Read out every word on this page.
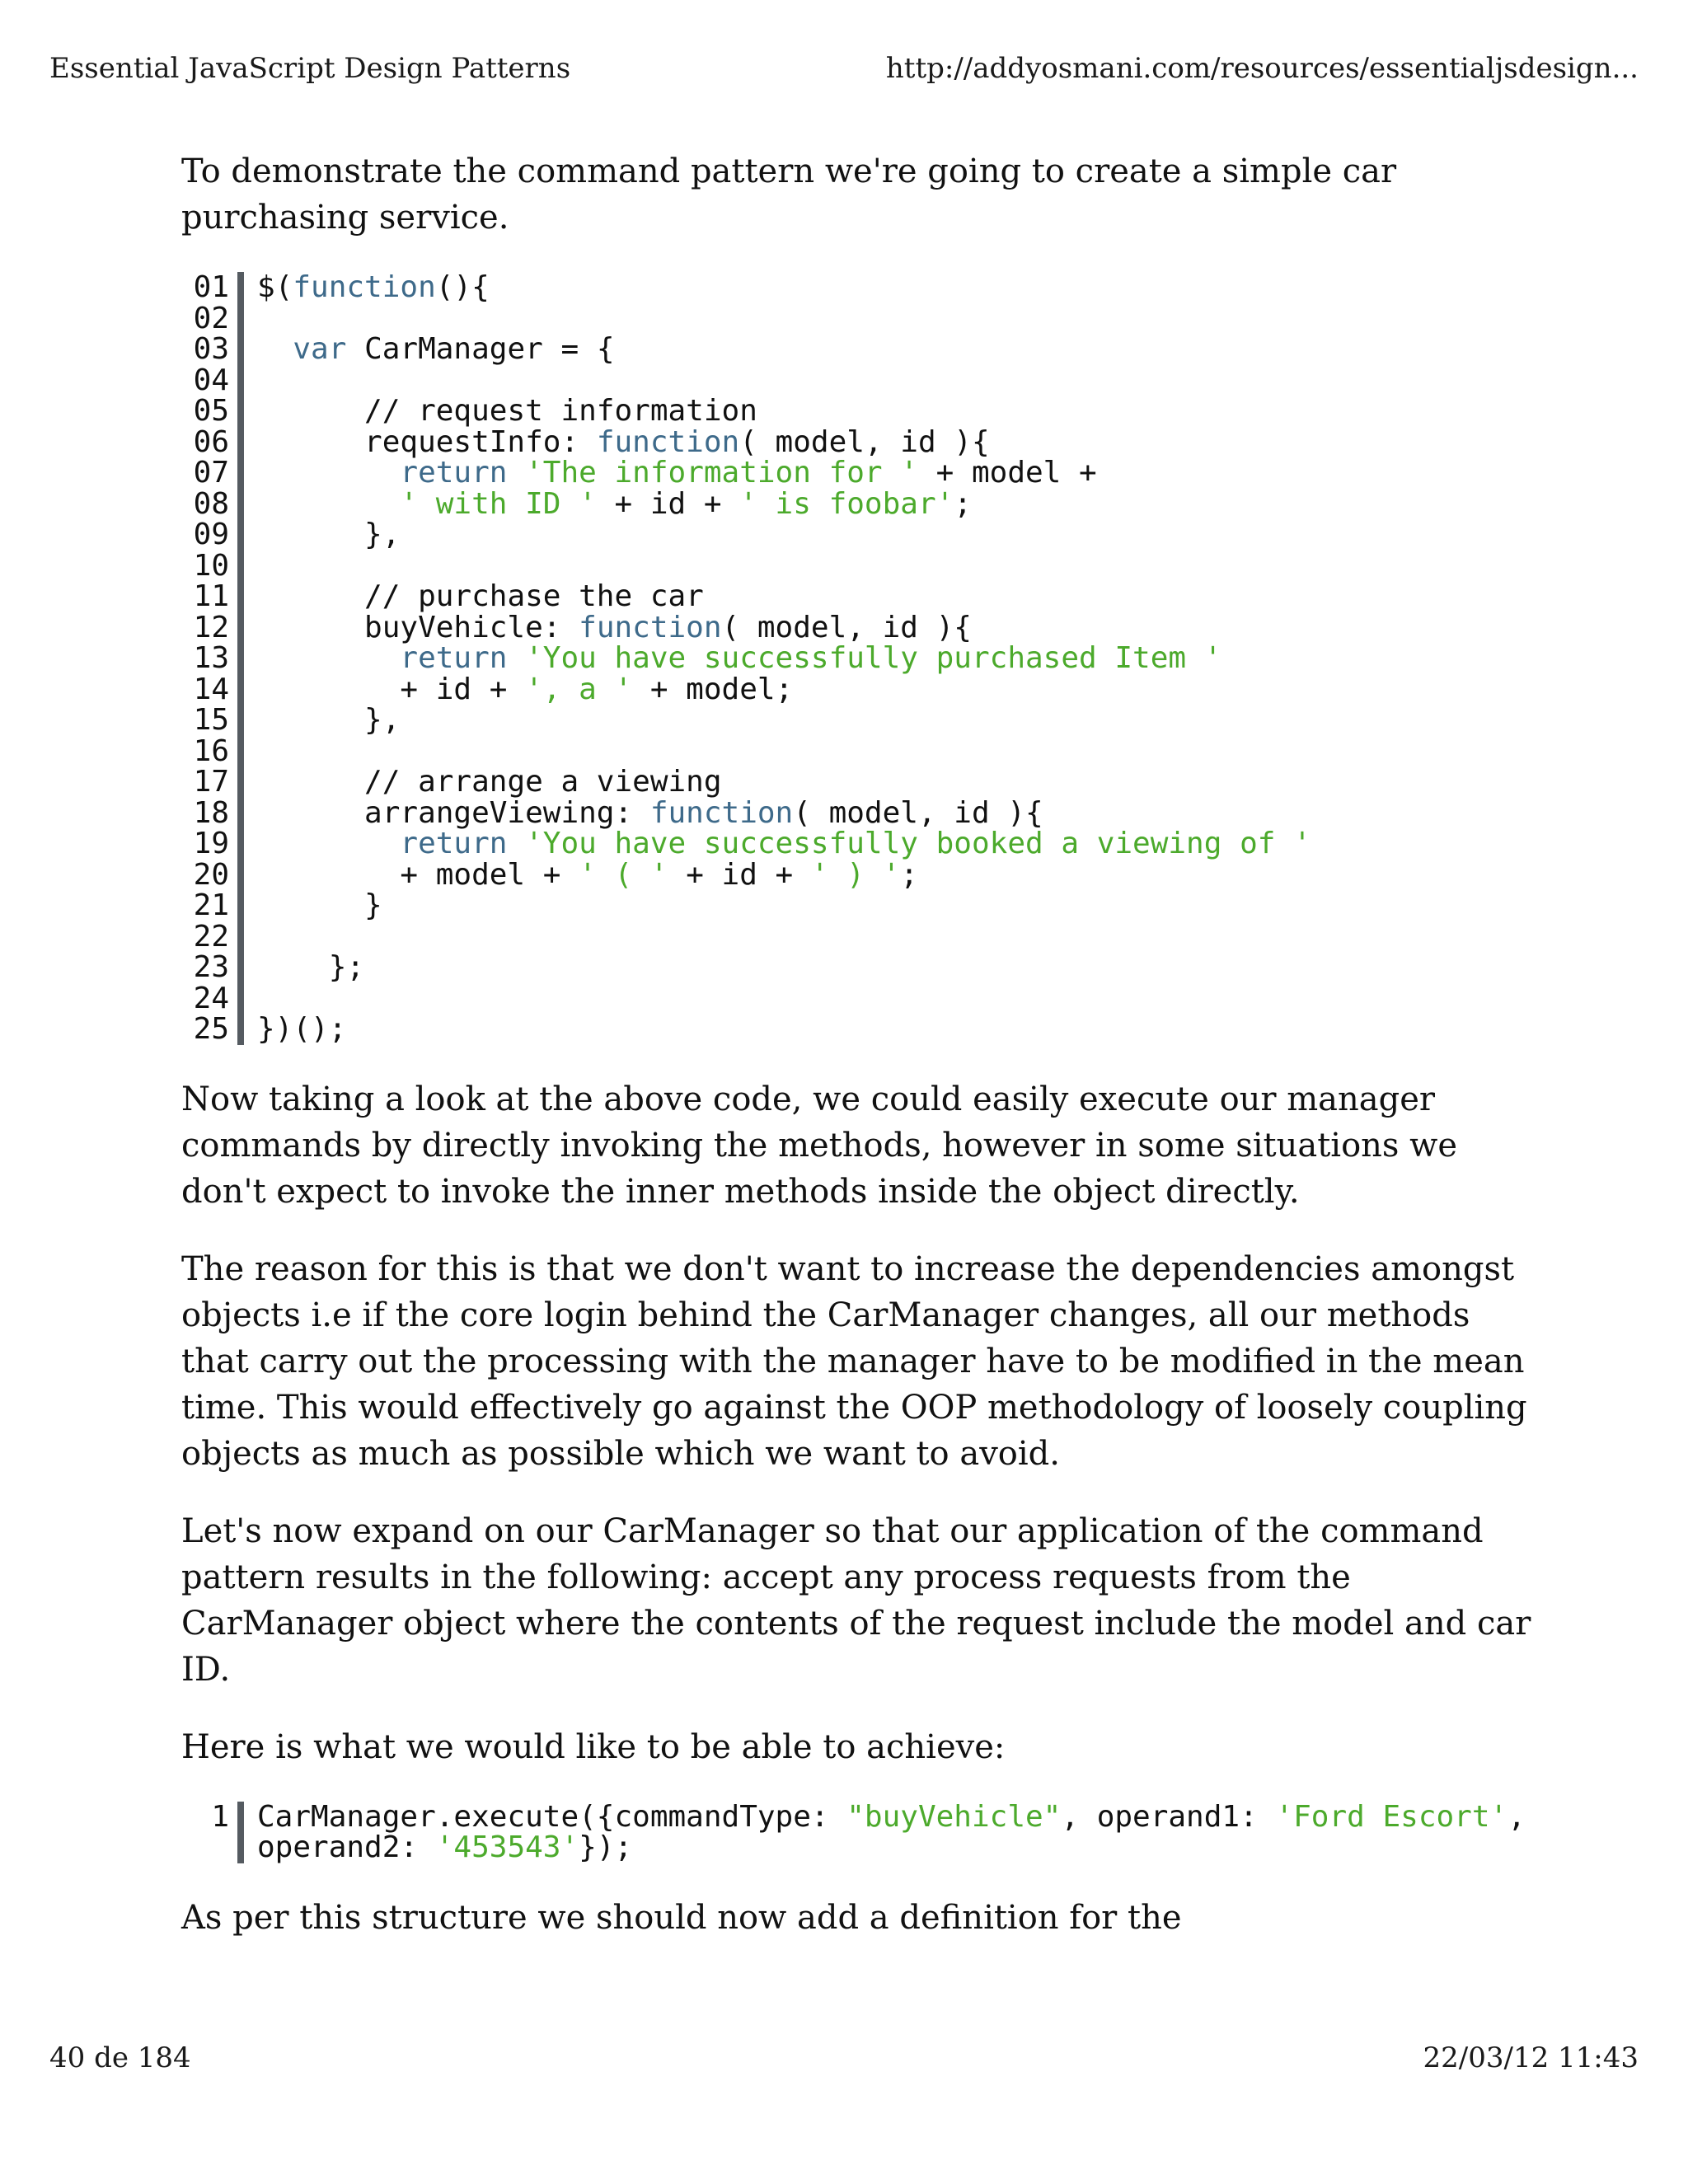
Essential JavaScript Design Patterns	http://addyosmani.com/resources/essentialjsdesign...

To demonstrate the command pattern we're going to create a simple car purchasing service.

01 $(function(){
02

03	var CarManager = {
04

05	// request information
06 requestInfo: function( model, id ){
07	return 'The information for ' + model +
08	' with ID ' + id + ' is foobar';
09 },
10

11	// purchase the car
12 buyVehicle: function( model, id ){
13	return 'You have successfully purchased Item '
14 + id + ', a ' + model;
15 },
16

17	// arrange a viewing
18 arrangeViewing: function( model, id ){
19	return 'You have successfully booked a viewing of '
20 + model + ' ( ' + id + ' ) ';
21 }
22

23 };
24

25 })();

Now taking a look at the above code, we could easily execute our manager commands by directly invoking the methods, however in some situations we don't expect to invoke the inner methods inside the object directly.

The reason for this is that we don't want to increase the dependencies amongst objects i.e if the core login behind the CarManager changes, all our methods that carry out the processing with the manager have to be modified in the mean time. This would effectively go against the OOP methodology of loosely coupling objects as much as possible which we want to avoid.

Let's now expand on our CarManager so that our application of the command pattern results in the following: accept any process requests from the CarManager object where the contents of the request include the model and car ID.

Here is what we would like to be able to achieve:

1 CarManager.execute({commandType: "buyVehicle", operand1: 'Ford Escort', operand2: '453543'});

As per this structure we should now add a definition for the

40 de 184	22/03/12 11:43
